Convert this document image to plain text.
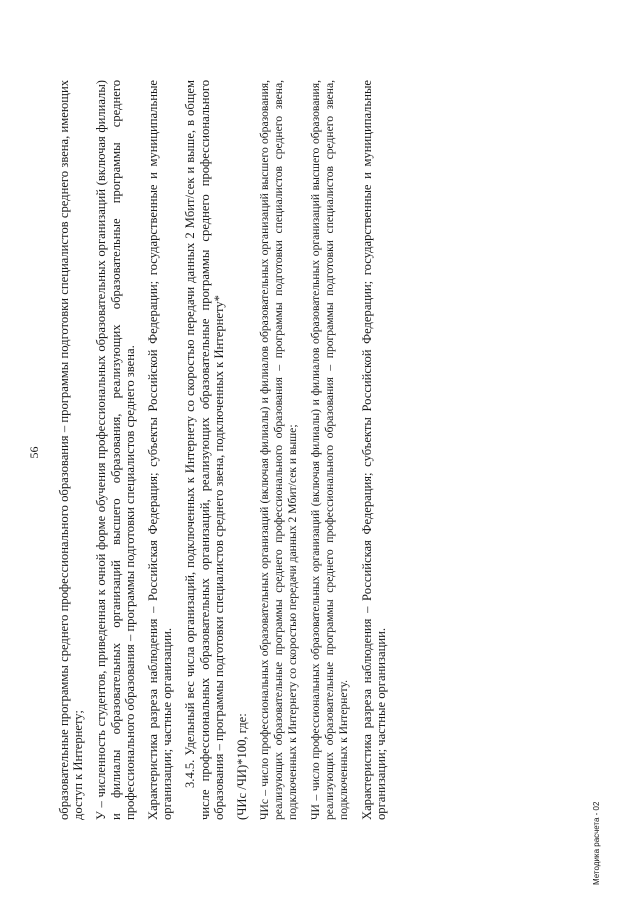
56 образовательные программы среднего профессионального образования – программы подготовки специалистов среднего звена, имеющих доступ к Интернету; У – численность студентов, приведенная к очной форме обучения профессиональных образовательных организаций (включая филиалы) и филиалы образовательных организаций высшего образования, реализующих образовательные программы среднего профессионального образования – программы подготовки специалистов среднего звена. Характеристика разреза наблюдения – Российская Федерация; субъекты Российской Федерации; государственные и муниципальные организации; частные организации. 3.4.5. Удельный вес числа организаций, подключенных к Интернету со скоростью передачи данных 2 Мбит/сек и выше, в общем числе профессиональных образовательных организаций, реализующих образовательные программы среднего профессионального образования – программы подготовки специалистов среднего звена, подключенных к Интернету* (ЧИс /ЧИ)*100, где: ЧИс – число профессиональных образовательных организаций (включая филиалы) и филиалов образовательных организаций высшего образования, реализующих образовательные программы среднего профессионального образования – программы подготовки специалистов среднего звена, подключенных к Интернету со скоростью передачи данных 2 Мбит/сек и выше; ЧИ – число профессиональных образовательных организаций (включая филиалы) и филиалов образовательных организаций высшего образования, реализующих образовательные программы среднего профессионального образования – программы подготовки специалистов среднего звена, подключенных к Интернету. Характеристика разреза наблюдения – Российская Федерация; субъекты Российской Федерации; государственные и муниципальные организации; частные организации.

Методика расчета - 02
